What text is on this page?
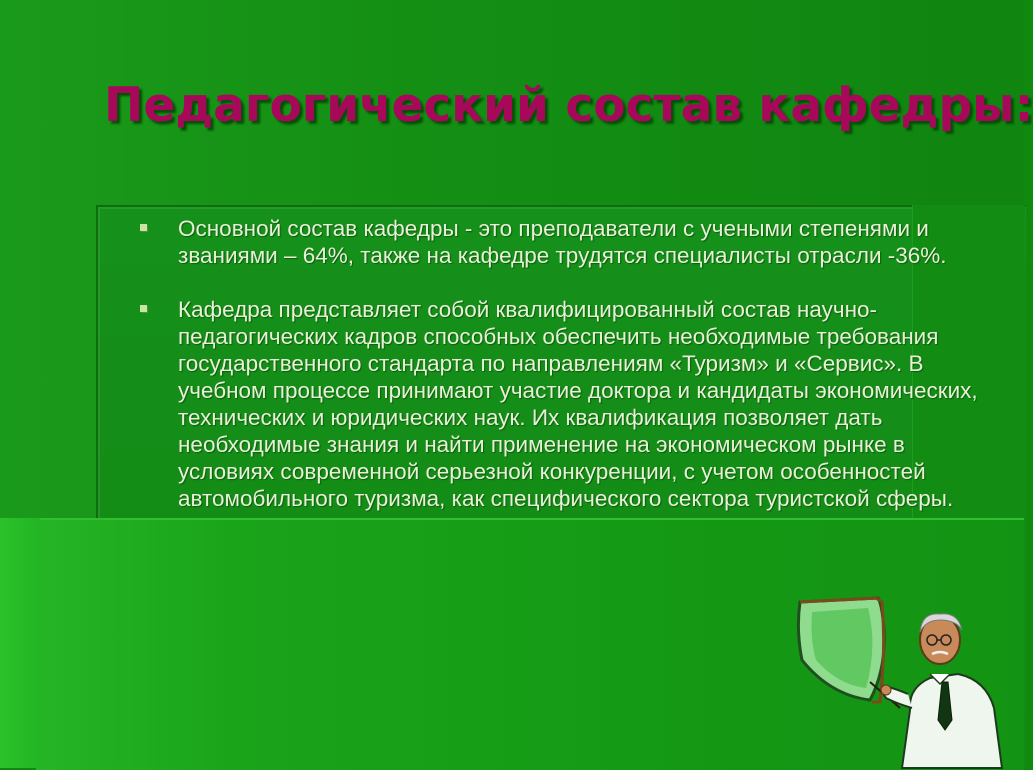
Педагогический состав кафедры:
Основной состав кафедры - это преподаватели с учеными степенями и званиями – 64%, также на кафедре трудятся специалисты отрасли -36%.
Кафедра представляет собой квалифицированный состав научно-педагогических кадров способных обеспечить необходимые требования государственного стандарта по направлениям «Туризм» и «Сервис». В учебном процессе принимают участие доктора и кандидаты экономических, технических и юридических наук. Их квалификация позволяет дать необходимые знания и найти применение на экономическом рынке в условиях современной серьезной конкуренции, с учетом особенностей автомобильного туризма, как специфического сектора туристской сферы.
